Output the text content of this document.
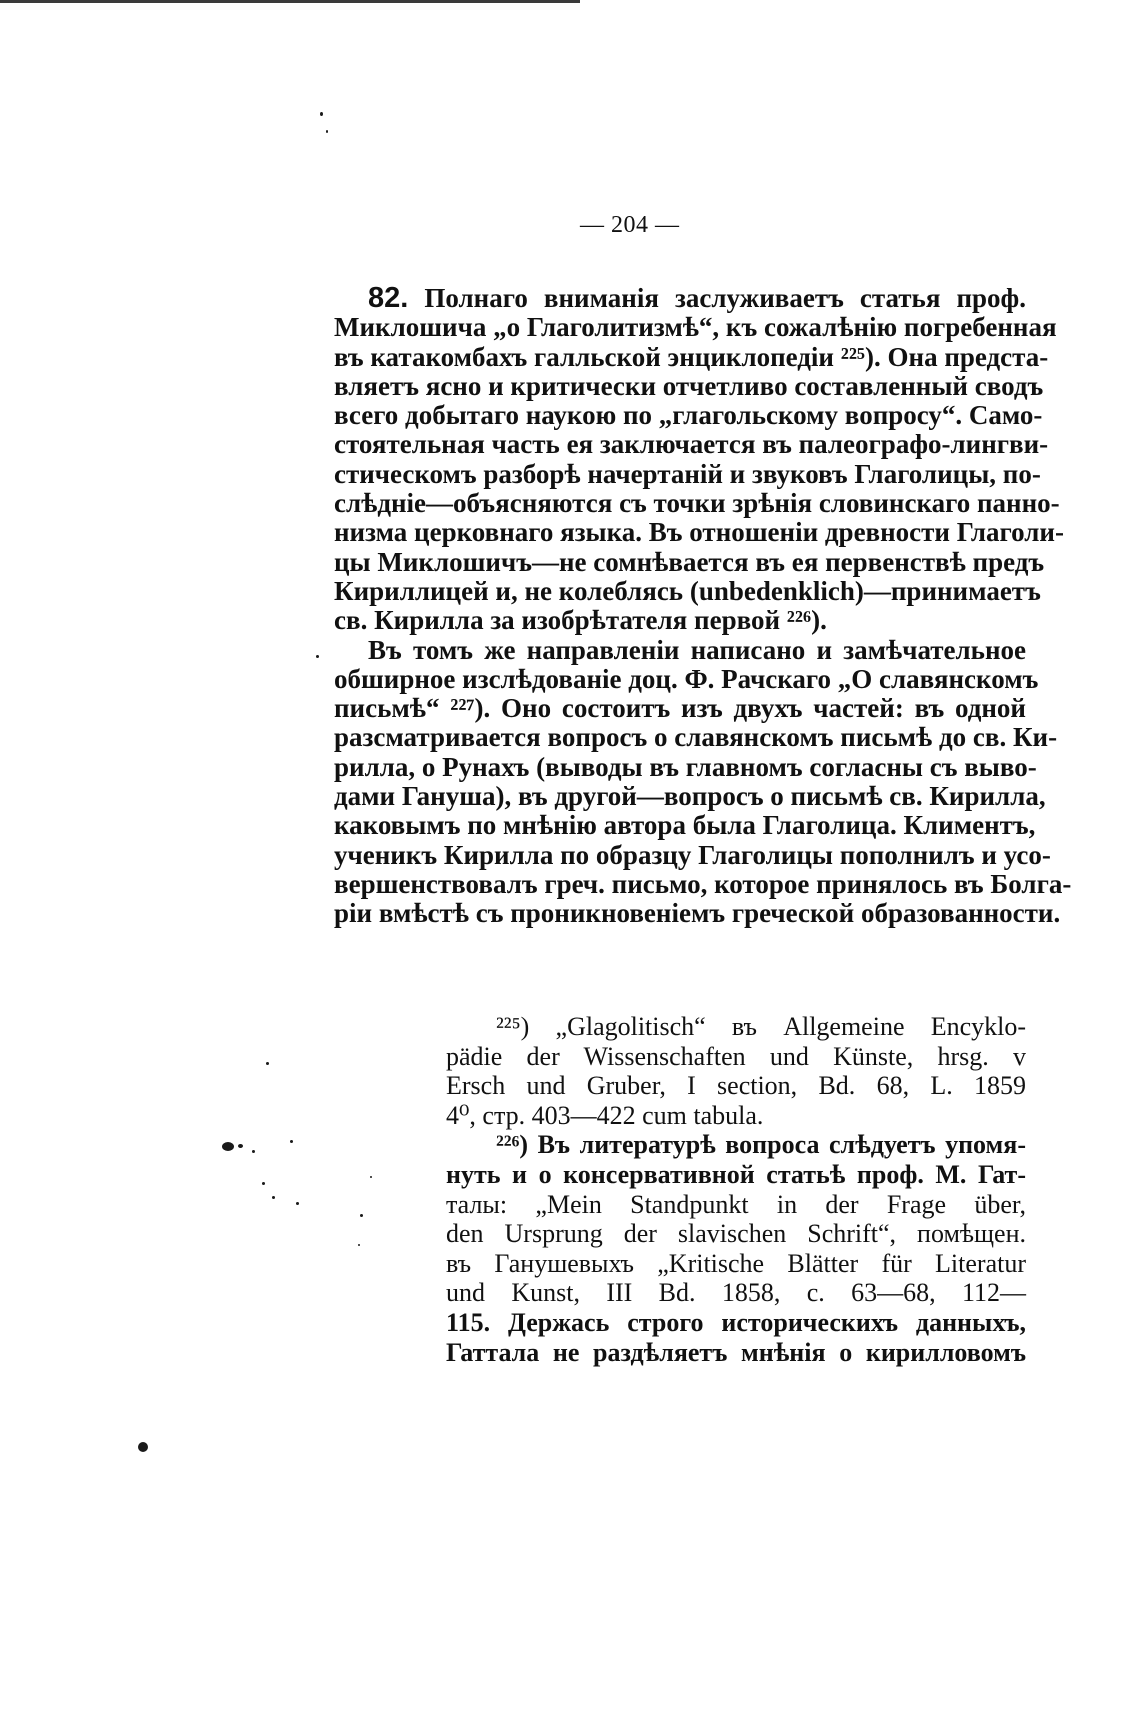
— 204 —
82. Полнаго вниманія заслуживаетъ статья проф.
Миклошича „о Глаголитизмѣ“, къ сожалѣнію погребенная
въ катакомбахъ галльской энциклопедіи ²²⁵). Она предста-
вляетъ ясно и критически отчетливо составленный сводъ
всего добытаго наукою по „глагольскому вопросу“. Само-
стоятельная часть ея заключается въ палеографо-лингви-
стическомъ разборѣ начертаній и звуковъ Глаголицы, по-
слѣдніе—объясняются съ точки зрѣнія словинскаго панно-
низма церковнаго языка. Въ отношеніи древности Глаголи-
цы Миклошичъ—не сомнѣвается въ ея первенствѣ предъ
Кириллицей и, не колеблясь (unbedenklich)—принимаетъ
св. Кирилла за изобрѣтателя первой ²²⁶).
Въ томъ же направленіи написано и замѣчательное
обширное изслѣдованіе доц. Ф. Рачскаго „О славянскомъ
письмѣ“ ²²⁷). Оно состоитъ изъ двухъ частей: въ одной
разсматривается вопросъ о славянскомъ письмѣ до св. Ки-
рилла, о Рунахъ (выводы въ главномъ согласны съ выво-
дами Ганушa), въ другой—вопросъ о письмѣ св. Кирилла,
каковымъ по мнѣнію автора была Глаголица. Климентъ,
ученикъ Кирилла по образцу Глаголицы пополнилъ и усо-
вершенствовалъ греч. письмо, которое принялось въ Болга-
ріи вмѣстѣ съ проникновеніемъ греческой образованности.
²²⁵) „Glagolitisch“ въ Allgemeine Encyklo-
pädie der Wissenschaften und Künste, hrsg. v
Ersch und Gruber, I section, Bd. 68, L. 1859
4⁰, стр. 403—422 cum tabula.
²²⁶) Въ литературѣ вопроса слѣдуетъ упомя-
нуть и о консервативной статьѣ проф. М. Гат-
талы: „Mein Standpunkt in der Frage über,
den Ursprung der slavischen Schrift“, помѣщен.
въ Ганушевыхъ „Kritische Blätter für Literatur
und Kunst, III Bd. 1858, с. 63—68, 112—
115. Держась строго историческихъ данныхъ,
Гаттала не раздѣляетъ мнѣнія о кирилловомъ
